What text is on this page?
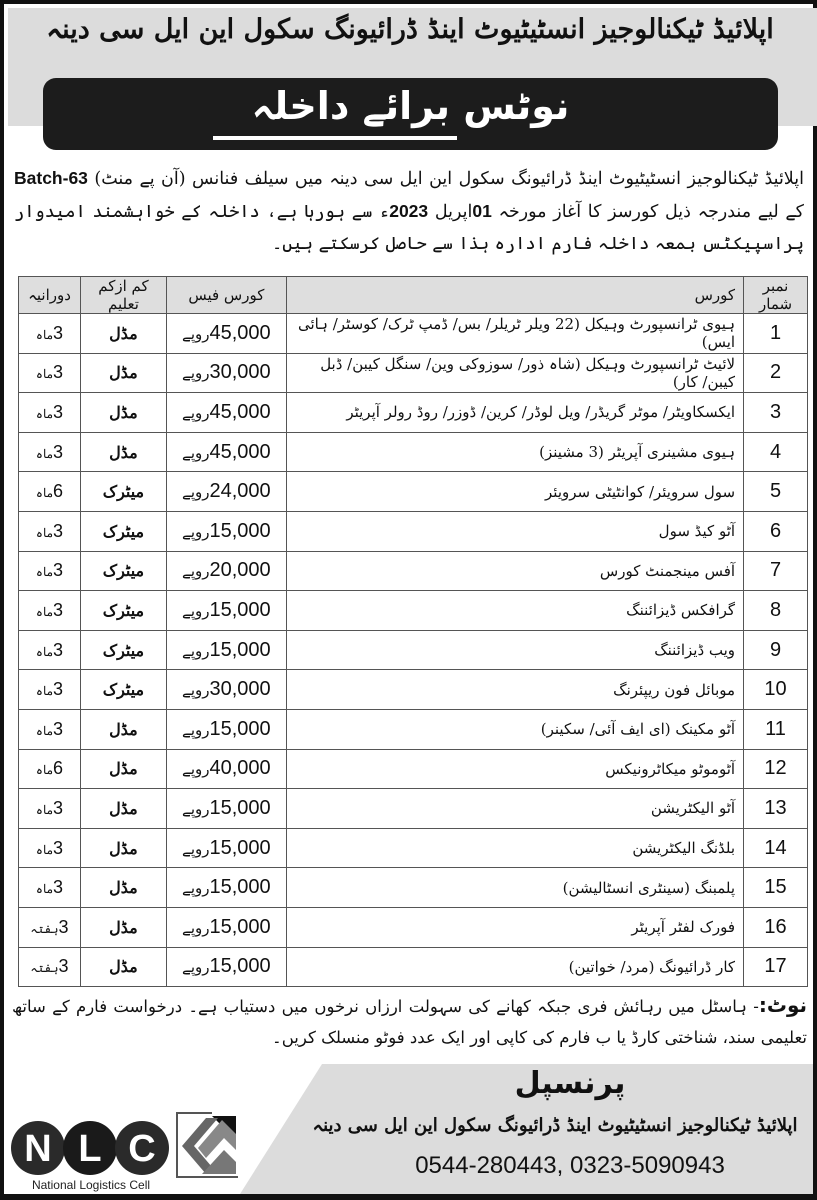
اپلائیڈ ٹیکنالوجیز انسٹیٹیوٹ اینڈ ڈرائیونگ سکول این ایل سی دینہ
نوٹس برائے داخلہ
اپلائیڈ ٹیکنالوجیز انسٹیٹیوٹ اینڈ ڈرائیونگ سکول این ایل سی دینہ میں سیلف فنانس (آن پے منٹ) Batch-63 کے لیے مندرجہ ذیل کورسز کا آغاز مورخہ 01اپریل 2023ء سے ہورہا ہے، داخلہ کے خواہشمند امیدوار پراسپیکٹس بمعہ داخلہ فارم ادارہ ہذا سے حاصل کرسکتے ہیں۔
نمبر شمار	کورس	کورس فیس	کم ازکم تعلیم	دورانیہ
1	ہیوی ٹرانسپورٹ وہیکل (22 ویلر ٹریلر/ بس/ ڈمپ ٹرک/ کوسٹر/ ہائی ایس)	45,000روپے	مڈل	3ماہ
2	لائیٹ ٹرانسپورٹ وہیکل (شاہ ذور/ سوزوکی وین/ سنگل کیبن/ ڈبل کیبن/ کار)	30,000روپے	مڈل	3ماہ
3	ایکسکاویٹر/ موٹر گریڈر/ ویل لوڈر/ کرین/ ڈوزر/ روڈ رولر آپریٹر	45,000روپے	مڈل	3ماہ
4	ہیوی مشینری آپریٹر (3 مشینز)	45,000روپے	مڈل	3ماہ
5	سول سرویئر/ کوانٹیٹی سرویئر	24,000روپے	میٹرک	6ماہ
6	آٹو کیڈ سول	15,000روپے	میٹرک	3ماہ
7	آفس مینجمنٹ کورس	20,000روپے	میٹرک	3ماہ
8	گرافکس ڈیزائننگ	15,000روپے	میٹرک	3ماہ
9	ویب ڈیزائننگ	15,000روپے	میٹرک	3ماہ
10	موبائل فون ریپئرنگ	30,000روپے	میٹرک	3ماہ
11	آٹو مکینک (ای ایف آئی/ سکینر)	15,000روپے	مڈل	3ماہ
12	آٹوموٹو میکاٹرونیکس	40,000روپے	مڈل	6ماہ
13	آٹو الیکٹریشن	15,000روپے	مڈل	3ماہ
14	بلڈنگ الیکٹریشن	15,000روپے	مڈل	3ماہ
15	پلمبنگ (سینٹری انسٹالیشن)	15,000روپے	مڈل	3ماہ
16	فورک لفٹر آپریٹر	15,000روپے	مڈل	3ہفتہ
17	کار ڈرائیونگ (مرد/ خواتین)	15,000روپے	مڈل	3ہفتہ
نوٹ:- ہاسٹل میں رہائش فری جبکہ کھانے کی سہولت ارزاں نرخوں میں دستیاب ہے۔ درخواست فارم کے ساتھ تعلیمی سند، شناختی کارڈ یا ب فارم کی کاپی اور ایک عدد فوٹو منسلک کریں۔
پرنسپل
اپلائیڈ ٹیکنالوجیز انسٹیٹیوٹ اینڈ ڈرائیونگ سکول این ایل سی دینہ
0544-280443, 0323-5090943
N L C
National Logistics Cell
